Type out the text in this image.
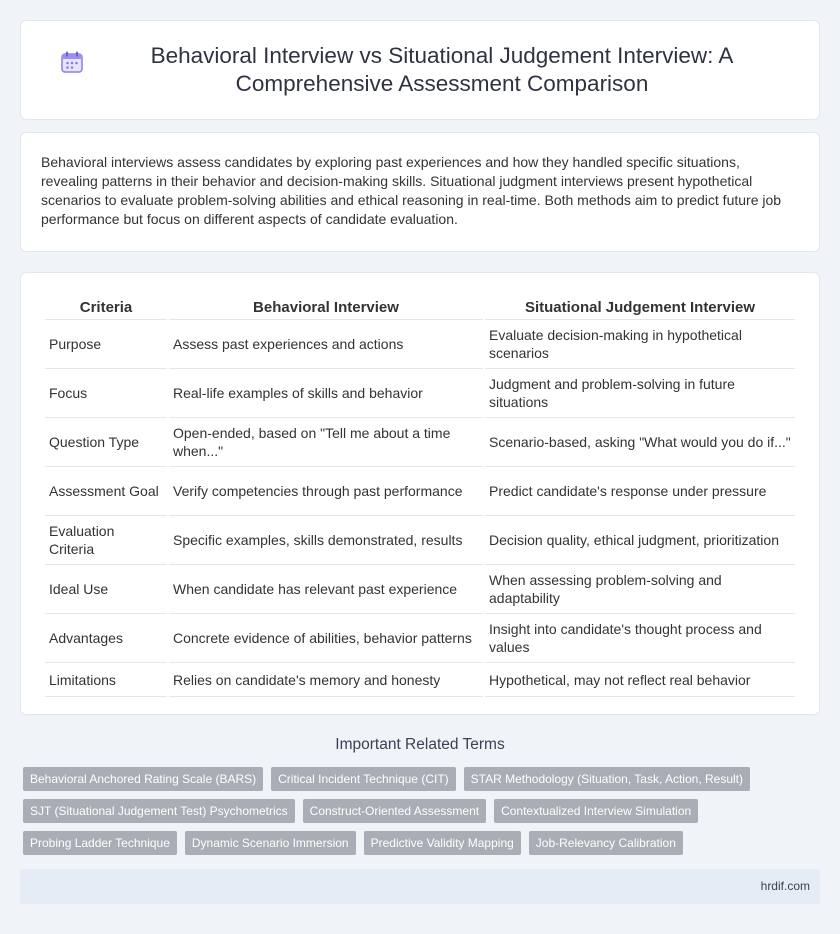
Behavioral Interview vs Situational Judgement Interview: A Comprehensive Assessment Comparison

Behavioral interviews assess candidates by exploring past experiences and how they handled specific situations, revealing patterns in their behavior and decision-making skills. Situational judgment interviews present hypothetical scenarios to evaluate problem-solving abilities and ethical reasoning in real-time. Both methods aim to predict future job performance but focus on different aspects of candidate evaluation.

Criteria	Behavioral Interview	Situational Judgement Interview
Purpose	Assess past experiences and actions	Evaluate decision-making in hypothetical scenarios
Focus	Real-life examples of skills and behavior	Judgment and problem-solving in future situations
Question Type	Open-ended, based on "Tell me about a time when..."	Scenario-based, asking "What would you do if..."
Assessment Goal	Verify competencies through past performance	Predict candidate's response under pressure
Evaluation Criteria	Specific examples, skills demonstrated, results	Decision quality, ethical judgment, prioritization
Ideal Use	When candidate has relevant past experience	When assessing problem-solving and adaptability
Advantages	Concrete evidence of abilities, behavior patterns	Insight into candidate's thought process and values
Limitations	Relies on candidate's memory and honesty	Hypothetical, may not reflect real behavior
Important Related Terms
Behavioral Anchored Rating Scale (BARS)	Critical Incident Technique (CIT)	STAR Methodology (Situation, Task, Action, Result)
SJT (Situational Judgement Test) Psychometrics	Construct-Oriented Assessment	Contextualized Interview Simulation
Probing Ladder Technique	Dynamic Scenario Immersion	Predictive Validity Mapping	Job-Relevancy Calibration
hrdif.com
